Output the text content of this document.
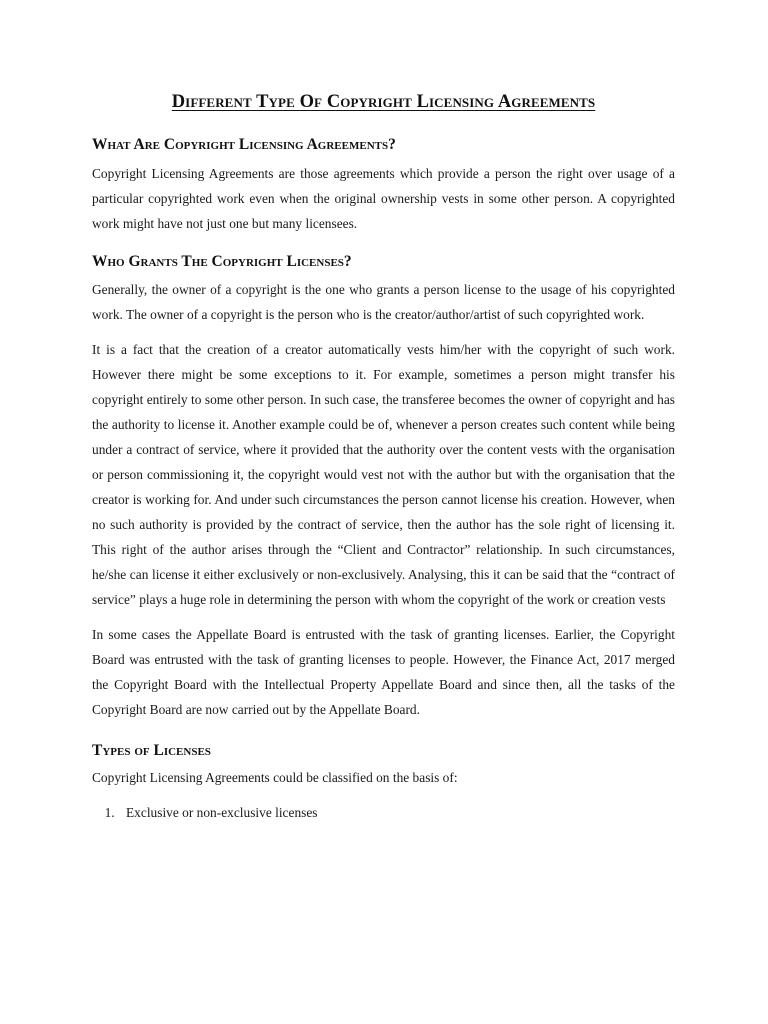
Different Type Of Copyright Licensing Agreements
What Are Copyright Licensing Agreements?

Copyright Licensing Agreements are those agreements which provide a person the right over usage of a particular copyrighted work even when the original ownership vests in some other person. A copyrighted work might have not just one but many licensees.

Who Grants The Copyright Licenses?

Generally, the owner of a copyright is the one who grants a person license to the usage of his copyrighted work. The owner of a copyright is the person who is the creator/author/artist of such copyrighted work.

It is a fact that the creation of a creator automatically vests him/her with the copyright of such work. However there might be some exceptions to it. For example, sometimes a person might transfer his copyright entirely to some other person. In such case, the transferee becomes the owner of copyright and has the authority to license it. Another example could be of, whenever a person creates such content while being under a contract of service, where it provided that the authority over the content vests with the organisation or person commissioning it, the copyright would vest not with the author but with the organisation that the creator is working for. And under such circumstances the person cannot license his creation. However, when no such authority is provided by the contract of service, then the author has the sole right of licensing it. This right of the author arises through the “Client and Contractor” relationship. In such circumstances, he/she can license it either exclusively or non-exclusively. Analysing, this it can be said that the “contract of service” plays a huge role in determining the person with whom the copyright of the work or creation vests

In some cases the Appellate Board is entrusted with the task of granting licenses. Earlier, the Copyright Board was entrusted with the task of granting licenses to people. However, the Finance Act, 2017 merged the Copyright Board with the Intellectual Property Appellate Board and since then, all the tasks of the Copyright Board are now carried out by the Appellate Board.

Types of Licenses

Copyright Licensing Agreements could be classified on the basis of:

1. Exclusive or non-exclusive licenses
